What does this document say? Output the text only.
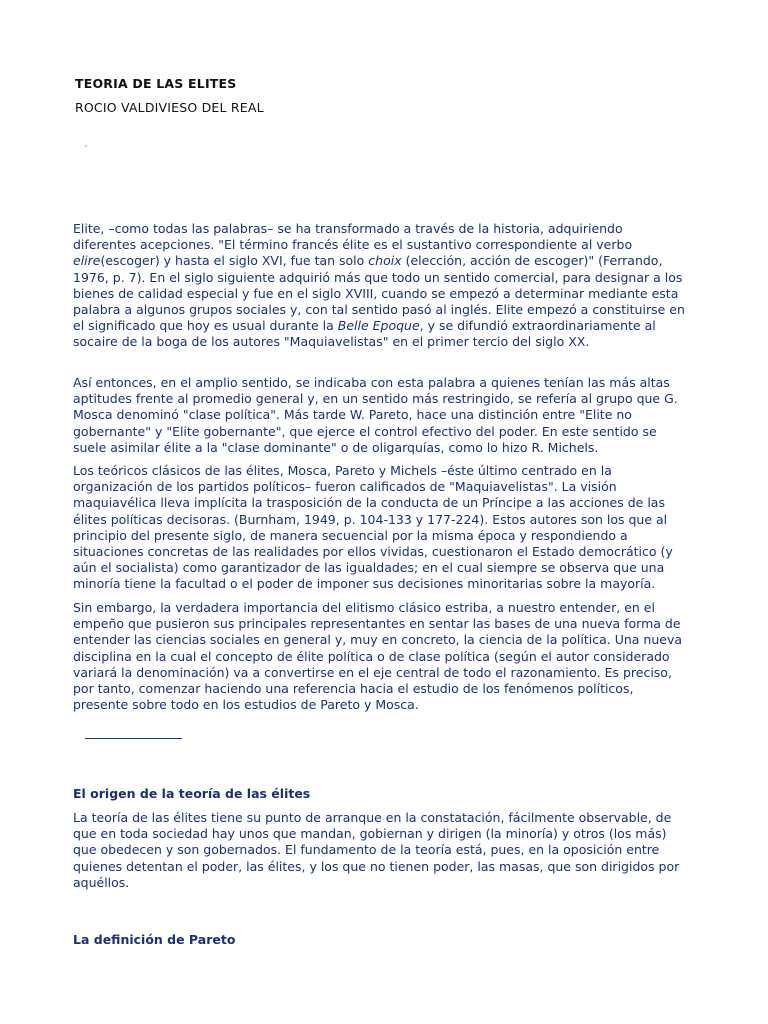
TEORIA DE LAS ELITES

ROCIO VALDIVIESO DEL REAL

Elite, –como todas las palabras– se ha transformado a través de la historia, adquiriendo diferentes acepciones. "El término francés élite es el sustantivo correspondiente al verbo elire(escoger) y hasta el siglo XVI, fue tan solo choix (elección, acción de escoger)" (Ferrando, 1976, p. 7). En el siglo siguiente adquirió más que todo un sentido comercial, para designar a los bienes de calidad especial y fue en el siglo XVIII, cuando se empezó a determinar mediante esta palabra a algunos grupos sociales y, con tal sentido pasó al inglés. Elite empezó a constituirse en el significado que hoy es usual durante la Belle Epoque, y se difundió extraordinariamente al socaire de la boga de los autores "Maquiavelistas" en el primer tercio del siglo XX.

Así entonces, en el amplio sentido, se indicaba con esta palabra a quienes tenían las más altas aptitudes frente al promedio general y, en un sentido más restringido, se refería al grupo que G. Mosca denominó "clase política". Más tarde W. Pareto, hace una distinción entre "Elite no gobernante" y "Elite gobernante", que ejerce el control efectivo del poder. En este sentido se suele asimilar élite a la "clase dominante" o de oligarquías, como lo hizo R. Michels.

Los teóricos clásicos de las élites, Mosca, Pareto y Michels –éste último centrado en la organización de los partidos políticos– fueron calificados de "Maquiavelistas". La visión maquiavélica lleva implícita la trasposición de la conducta de un Príncipe a las acciones de las élites políticas decisoras. (Burnham, 1949, p. 104-133 y 177-224). Estos autores son los que al principio del presente siglo, de manera secuencial por la misma época y respondiendo a situaciones concretas de las realidades por ellos vividas, cuestionaron el Estado democrático (y aún el socialista) como garantizador de las igualdades; en el cual siempre se observa que una minoría tiene la facultad o el poder de imponer sus decisiones minoritarias sobre la mayoría.

Sin embargo, la verdadera importancia del elitismo clásico estriba, a nuestro entender, en el empeño que pusieron sus principales representantes en sentar las bases de una nueva forma de entender las ciencias sociales en general y, muy en concreto, la ciencia de la política. Una nueva disciplina en la cual el concepto de élite política o de clase política (según el autor considerado variará la denominación) va a convertirse en el eje central de todo el razonamiento. Es preciso, por tanto, comenzar haciendo una referencia hacia el estudio de los fenómenos políticos, presente sobre todo en los estudios de Pareto y Mosca.

El origen de la teoría de las élites

La teoría de las élites tiene su punto de arranque en la constatación, fácilmente observable, de que en toda sociedad hay unos que mandan, gobiernan y dirigen (la minoría) y otros (los más) que obedecen y son gobernados. El fundamento de la teoría está, pues, en la oposición entre quienes detentan el poder, las élites, y los que no tienen poder, las masas, que son dirigidos por aquéllos.

La definición de Pareto
